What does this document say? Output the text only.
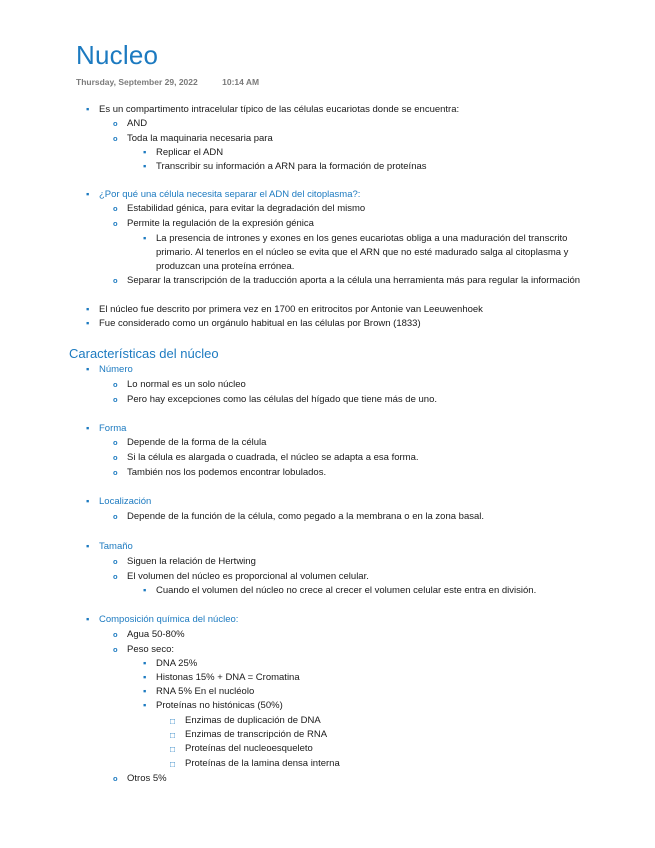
Nucleo
Thursday, September 29, 2022	10:14 AM
Características del núcleo
▪
Es un compartimento intracelular típico de las células eucariotas donde se encuentra:
o
AND
o
Toda la maquinaria necesaria para
▪
Replicar el ADN
▪
Transcribir su información a ARN para la formación de proteínas
▪
¿Por qué una célula necesita separar el ADN del citoplasma?:
o
Estabilidad génica, para evitar la degradación del mismo
o
Permite la regulación de la expresión génica
▪
La presencia de intrones y exones en los genes eucariotas obliga a una maduración del transcrito
primario. Al tenerlos en el núcleo se evita que el ARN que no esté madurado salga al citoplasma y
produzcan una proteína errónea.
o
Separar la transcripción de la traducción aporta a la célula una herramienta más para regular la información
▪
El núcleo fue descrito por primera vez en 1700 en eritrocitos por Antonie van Leeuwenhoek
▪
Fue considerado como un orgánulo habitual en las células por Brown (1833)
▪
Número
o
Lo normal es un solo núcleo
o
Pero hay excepciones como las células del hígado que tiene más de uno.
▪
Forma
o
Depende de la forma de la célula
o
Si la célula es alargada o cuadrada, el núcleo se adapta a esa forma.
o
También nos los podemos encontrar lobulados.
▪
Localización
o
Depende de la función de la célula, como pegado a la membrana o en la zona basal.
▪
Tamaño
o
Siguen la relación de Hertwing
o
El volumen del núcleo es proporcional al volumen celular.
▪
Cuando el volumen del núcleo no crece al crecer el volumen celular este entra en división.
▪
Composición química del núcleo:
o
Agua 50-80%
o
Peso seco:
▪
DNA 25%
▪
Histonas 15% + DNA = Cromatina
▪
RNA 5% En el nucléolo
▪
Proteínas no histónicas (50%)
□
Enzimas de duplicación de DNA
□
Enzimas de transcripción de RNA
□
Proteínas del nucleoesqueleto
□
Proteínas de la lamina densa interna
o
Otros 5%
